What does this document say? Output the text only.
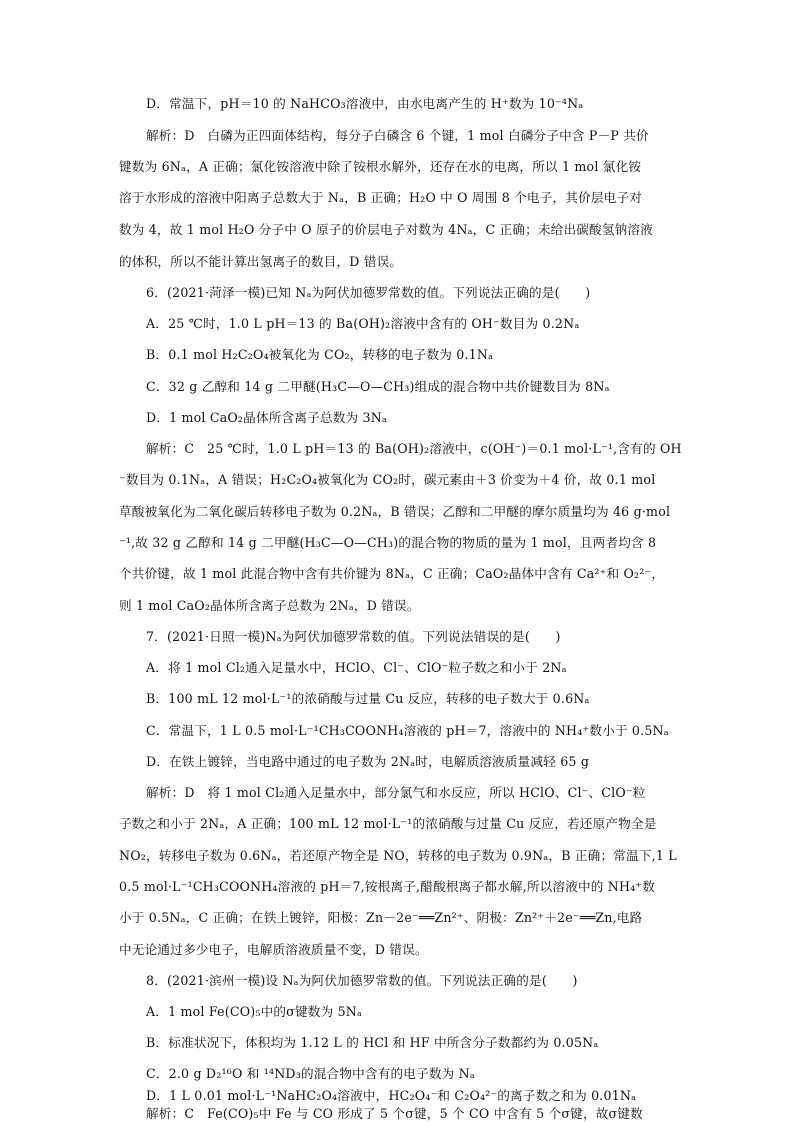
D．常温下，pH＝10 的 NaHCO₃溶液中，由水电离产生的 H⁺数为 10⁻⁴Nₐ
解析：D　白磷为正四面体结构，每分子白磷含 6 个键，1 mol 白磷分子中含 P－P 共价
键数为 6Nₐ，A 正确；氯化铵溶液中除了铵根水解外，还存在水的电离，所以 1 mol 氯化铵
溶于水形成的溶液中阳离子总数大于 Nₐ，B 正确；H₂O 中 O 周围 8 个电子，其价层电子对
数为 4，故 1 mol H₂O 分子中 O 原子的价层电子对数为 4Nₐ，C 正确；未给出碳酸氢钠溶液
的体积，所以不能计算出氢离子的数目，D 错误。
6．(2021·菏泽一模)已知 Nₐ为阿伏加德罗常数的值。下列说法正确的是(　　)
A．25 ℃时，1.0 L pH＝13 的 Ba(OH)₂溶液中含有的 OH⁻数目为 0.2Nₐ
B．0.1 mol H₂C₂O₄被氧化为 CO₂，转移的电子数为 0.1Nₐ
C．32 g 乙醇和 14 g 二甲醚(H₃C—O—CH₃)组成的混合物中共价键数目为 8Nₐ
D．1 mol CaO₂晶体所含离子总数为 3Nₐ
解析：C　25 ℃时，1.0 L pH＝13 的 Ba(OH)₂溶液中，c(OH⁻)＝0.1 mol·L⁻¹,含有的 OH
⁻数目为 0.1Nₐ，A 错误；H₂C₂O₄被氧化为 CO₂时，碳元素由＋3 价变为＋4 价，故 0.1 mol
草酸被氧化为二氧化碳后转移电子数为 0.2Nₐ，B 错误；乙醇和二甲醚的摩尔质量均为 46 g·mol
⁻¹,故 32 g 乙醇和 14 g 二甲醚(H₃C—O—CH₃)的混合物的物质的量为 1 mol，且两者均含 8
个共价键，故 1 mol 此混合物中含有共价键为 8Nₐ，C 正确；CaO₂晶体中含有 Ca²⁺和 O₂²⁻，
则 1 mol CaO₂晶体所含离子总数为 2Nₐ，D 错误。
7．(2021·日照一模)Nₐ为阿伏加德罗常数的值。下列说法错误的是(　　)
A．将 1 mol Cl₂通入足量水中，HClO、Cl⁻、ClO⁻粒子数之和小于 2Nₐ
B．100 mL 12 mol·L⁻¹的浓硝酸与过量 Cu 反应，转移的电子数大于 0.6Nₐ
C．常温下，1 L 0.5 mol·L⁻¹CH₃COONH₄溶液的 pH＝7，溶液中的 NH₄⁺数小于 0.5Nₐ
D．在铁上镀锌，当电路中通过的电子数为 2Nₐ时，电解质溶液质量减轻 65 g
解析：D　将 1 mol Cl₂通入足量水中，部分氯气和水反应，所以 HClO、Cl⁻、ClO⁻粒
子数之和小于 2Nₐ，A 正确；100 mL 12 mol·L⁻¹的浓硝酸与过量 Cu 反应，若还原产物全是
NO₂，转移电子数为 0.6Nₐ，若还原产物全是 NO，转移的电子数为 0.9Nₐ，B 正确；常温下,1 L
0.5 mol·L⁻¹CH₃COONH₄溶液的 pH＝7,铵根离子,醋酸根离子都水解,所以溶液中的 NH₄⁺数
小于 0.5Nₐ，C 正确；在铁上镀锌，阳极：Zn－2e⁻══Zn²⁺、阴极：Zn²⁺＋2e⁻══Zn,电路
中无论通过多少电子，电解质溶液质量不变，D 错误。
8．(2021·滨州一模)设 Nₐ为阿伏加德罗常数的值。下列说法正确的是(　　)
A．1 mol Fe(CO)₅中的σ键数为 5Nₐ
B．标准状况下，体积均为 1.12 L 的 HCl 和 HF 中所含分子数都约为 0.05Nₐ
C．2.0 g D₂¹⁶O 和 ¹⁴ND₃的混合物中含有的电子数为 Nₐ
D．1 L 0.01 mol·L⁻¹NaHC₂O₄溶液中，HC₂O₄⁻和 C₂O₄²⁻的离子数之和为 0.01Nₐ
解析：C　Fe(CO)₅中 Fe 与 CO 形成了 5 个σ键，5 个 CO 中含有 5 个σ键，故σ键数
